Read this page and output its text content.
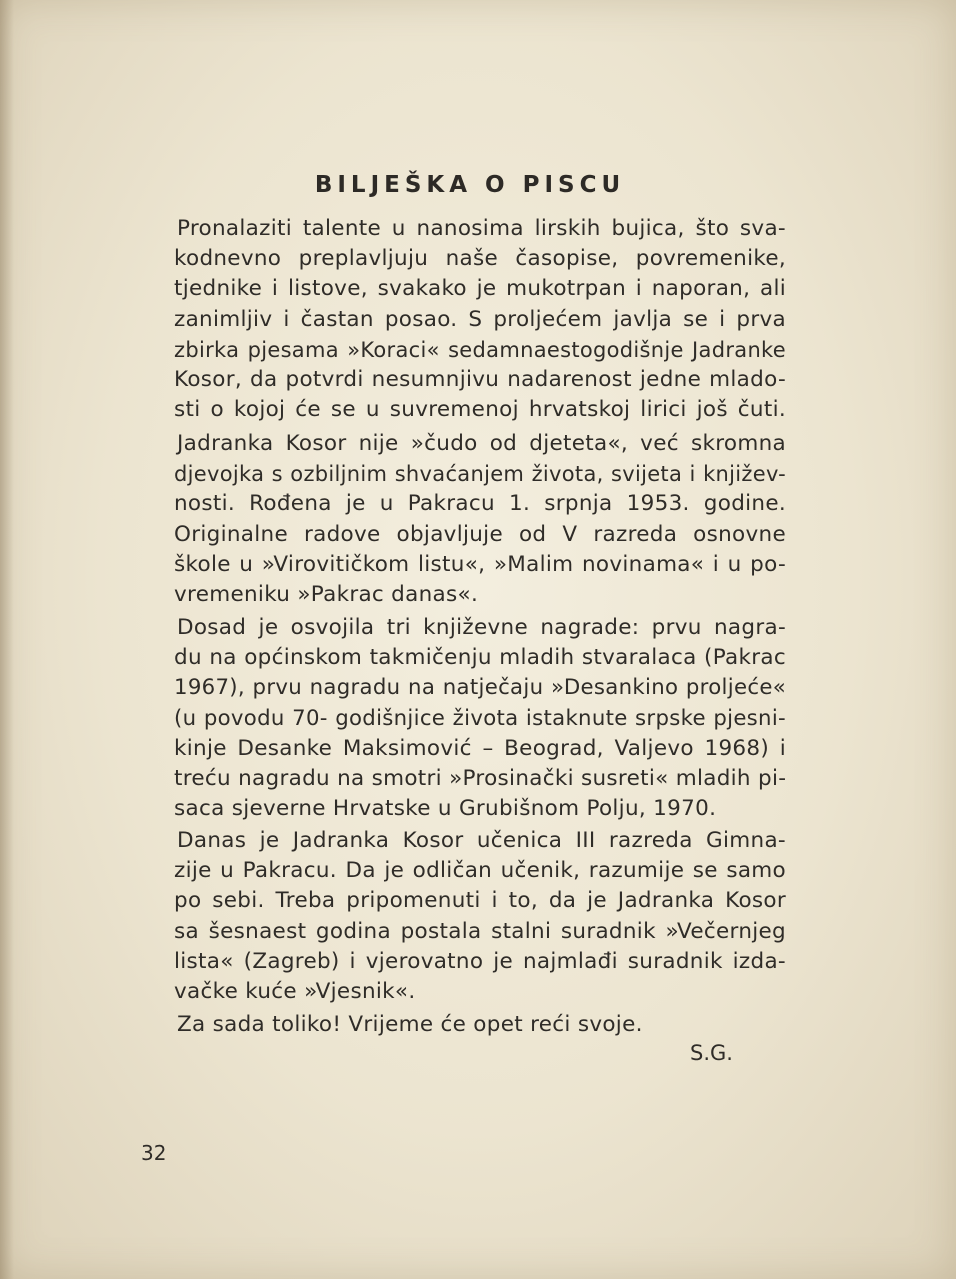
BILJEŠKA O PISCU
Pronalaziti talente u nanosima lirskih bujica, što sva-
kodnevno preplavljuju naše časopise, povremenike,
tjednike i listove, svakako je mukotrpan i naporan, ali
zanimljiv i častan posao. S proljećem javlja se i prva
zbirka pjesama »Koraci« sedamnaestogodišnje Jadranke
Kosor, da potvrdi nesumnjivu nadarenost jedne mlado-
sti o kojoj će se u suvremenoj hrvatskoj lirici još čuti.
Jadranka Kosor nije »čudo od djeteta«, već skromna
djevojka s ozbiljnim shvaćanjem života, svijeta i književ-
nosti. Rođena je u Pakracu 1. srpnja 1953. godine.
Originalne radove objavljuje od V razreda osnovne
škole u »Virovitičkom listu«, »Malim novinama« i u po-
vremeniku »Pakrac danas«.
Dosad je osvojila tri književne nagrade: prvu nagra-
du na općinskom takmičenju mladih stvaralaca (Pakrac
1967), prvu nagradu na natječaju »Desankino proljeće«
(u povodu 70- godišnjice života istaknute srpske pjesni-
kinje Desanke Maksimović – Beograd, Valjevo 1968) i
treću nagradu na smotri »Prosinački susreti« mladih pi-
saca sjeverne Hrvatske u Grubišnom Polju, 1970.
Danas je Jadranka Kosor učenica III razreda Gimna-
zije u Pakracu. Da je odličan učenik, razumije se samo
po sebi. Treba pripomenuti i to, da je Jadranka Kosor
sa šesnaest godina postala stalni suradnik »Večernjeg
lista« (Zagreb) i vjerovatno je najmlađi suradnik izda-
vačke kuće »Vjesnik«.
Za sada toliko! Vrijeme će opet reći svoje.
S.G.
32
